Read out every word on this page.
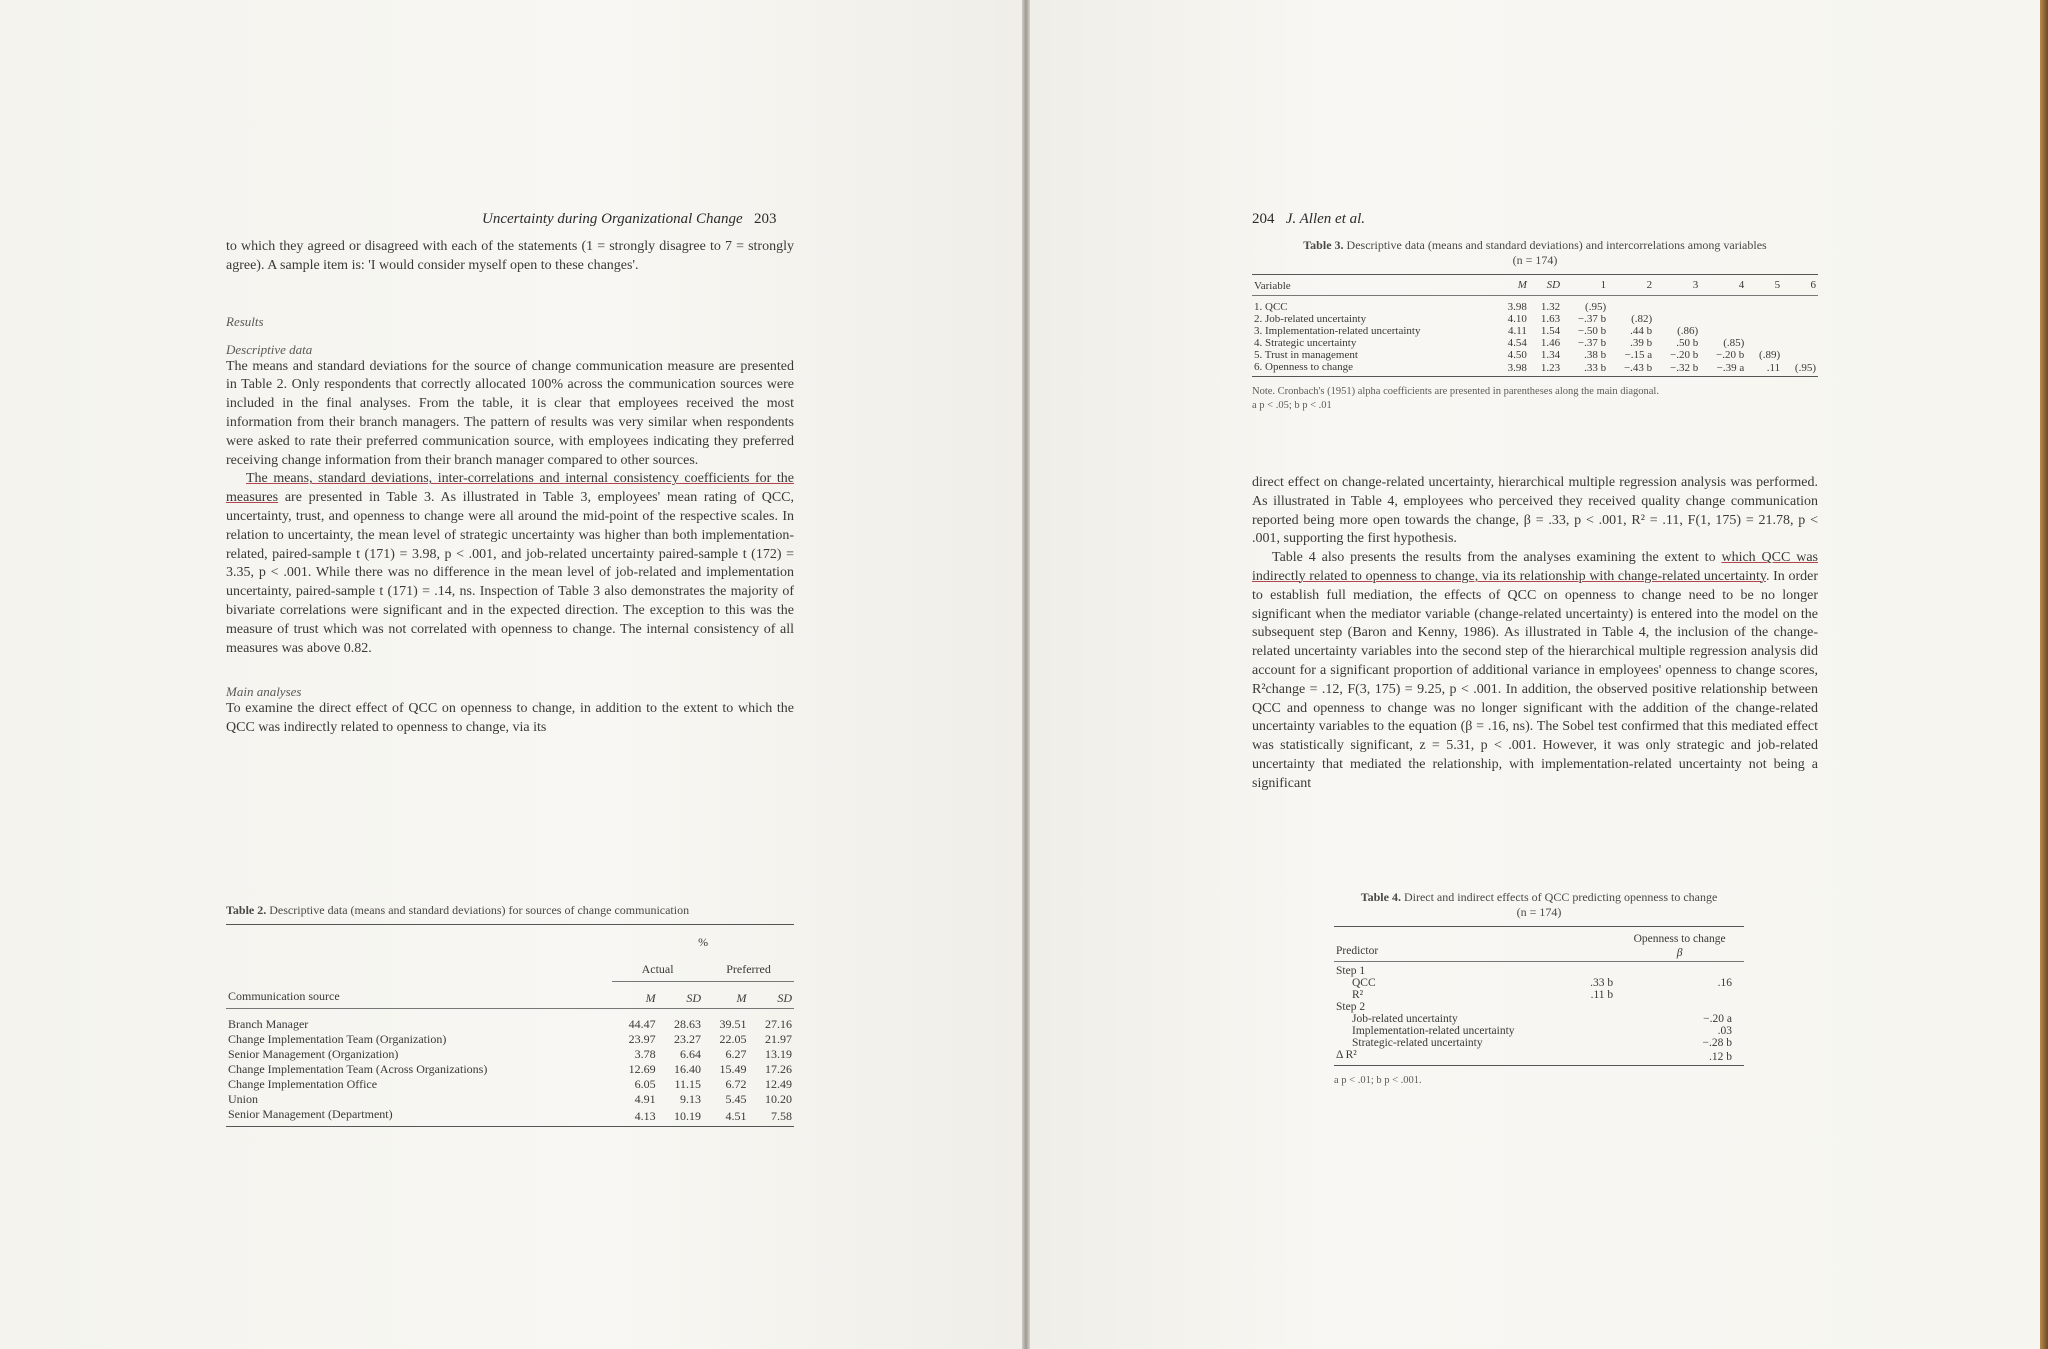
Uncertainty during Organizational Change 203

to which they agreed or disagreed with each of the statements (1 = strongly disagree to 7 = strongly agree). A sample item is: 'I would consider myself open to these changes'.

Results

Descriptive data

The means and standard deviations for the source of change communication measure are presented in Table 2. Only respondents that correctly allocated 100% across the communication sources were included in the final analyses. From the table, it is clear that employees received the most information from their branch managers. The pattern of results was very similar when respondents were asked to rate their preferred communication source, with employees indicating they preferred receiving change information from their branch manager compared to other sources.

The means, standard deviations, inter-correlations and internal consistency coefficients for the measures are presented in Table 3. As illustrated in Table 3, employees' mean rating of QCC, uncertainty, trust, and openness to change were all around the mid-point of the respective scales. In relation to uncertainty, the mean level of strategic uncertainty was higher than both implementation-related, paired-sample t (171) = 3.98, p < .001, and job-related uncertainty paired-sample t (172) = 3.35, p < .001. While there was no difference in the mean level of job-related and implementation uncertainty, paired-sample t (171) = .14, ns. Inspection of Table 3 also demonstrates the majority of bivariate correlations were significant and in the expected direction. The exception to this was the measure of trust which was not correlated with openness to change. The internal consistency of all measures was above 0.82.

Main analyses

To examine the direct effect of QCC on openness to change, in addition to the extent to which the QCC was indirectly related to openness to change, via its

Table 2. Descriptive data (means and standard deviations) for sources of change communication

	%			
	Actual		Preferred	
Communication source	M	SD	M	SD

Branch Manager	44.47	28.63	39.51	27.16
Change Implementation Team (Organization)	23.97	23.27	22.05	21.97
Senior Management (Organization)	3.78	6.64	6.27	13.19
Change Implementation Team (Across Organizations)	12.69	16.40	15.49	17.26
Change Implementation Office	6.05	11.15	6.72	12.49
Union	4.91	9.13	5.45	10.20
Senior Management (Department)	4.13	10.19	4.51	7.58
204 J. Allen et al.

Table 3. Descriptive data (means and standard deviations) and intercorrelations among variables
(n = 174)

Variable	M	SD	1	2	3	4	5	6

1. QCC	3.98	1.32	(.95)					
2. Job-related uncertainty	4.10	1.63	−.37 b	(.82)				
3. Implementation-related uncertainty	4.11	1.54	−.50 b	.44 b	(.86)			
4. Strategic uncertainty	4.54	1.46	−.37 b	.39 b	.50 b	(.85)		
5. Trust in management	4.50	1.34	.38 b	−.15 a	−.20 b	−.20 b	(.89)	
6. Openness to change	3.98	1.23	.33 b	−.43 b	−.32 b	−.39 a	.11	(.95)

Note. Cronbach's (1951) alpha coefficients are presented in parentheses along the main diagonal.

a p < .05; b p < .01

direct effect on change-related uncertainty, hierarchical multiple regression analysis was performed. As illustrated in Table 4, employees who perceived they received quality change communication reported being more open towards the change, β = .33, p < .001, R² = .11, F(1, 175) = 21.78, p < .001, supporting the first hypothesis.

Table 4 also presents the results from the analyses examining the extent to which QCC was indirectly related to openness to change, via its relationship with change-related uncertainty. In order to establish full mediation, the effects of QCC on openness to change need to be no longer significant when the mediator variable (change-related uncertainty) is entered into the model on the subsequent step (Baron and Kenny, 1986). As illustrated in Table 4, the inclusion of the change-related uncertainty variables into the second step of the hierarchical multiple regression analysis did account for a significant proportion of additional variance in employees' openness to change scores, R²change = .12, F(3, 175) = 9.25, p < .001. In addition, the observed positive relationship between QCC and openness to change was no longer significant with the addition of the change-related uncertainty variables to the equation (β = .16, ns). The Sobel test confirmed that this mediated effect was statistically significant, z = 5.31, p < .001. However, it was only strategic and job-related uncertainty that mediated the relationship, with implementation-related uncertainty not being a significant

Table 4. Direct and indirect effects of QCC predicting openness to change
(n = 174)

		Openness to change
Predictor		β

Step 1		
QCC	.33 b	.16
R²	.11 b	
Step 2		
Job-related uncertainty		−.20 a
Implementation-related uncertainty		.03
Strategic-related uncertainty		−.28 b
Δ R²		.12 b

a p < .01; b p < .001.
